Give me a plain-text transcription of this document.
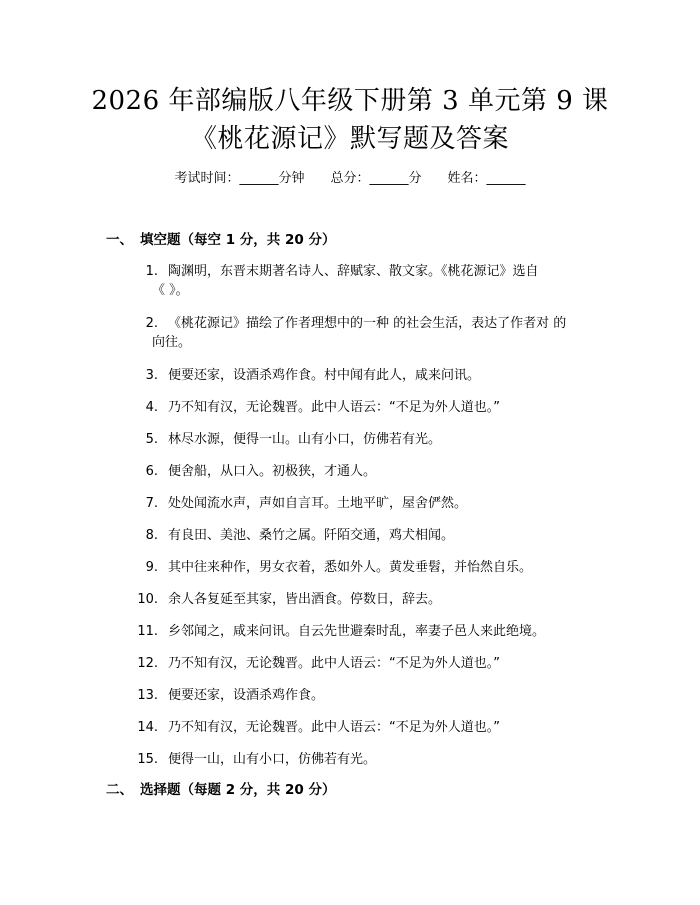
2026 年部编版八年级下册第 3 单元第 9 课
《桃花源记》默写题及答案
考试时间：______分钟 总分：______分 姓名：______
一、 填空题（每空 1 分，共 20 分）
1. 陶渊明，东晋末期著名诗人、辞赋家、散文家。《桃花源记》选自
《 》。
2. 《桃花源记》描绘了作者理想中的一种 的社会生活，表达了作者对 的
向往。
3. 便要还家，设酒杀鸡作食。村中闻有此人，咸来问讯。
4. 乃不知有汉，无论魏晋。此中人语云：“不足为外人道也。”
5. 林尽水源，便得一山。山有小口，仿佛若有光。
6. 便舍船，从口入。初极狭，才通人。
7. 处处闻流水声，声如自言耳。土地平旷，屋舍俨然。
8. 有良田、美池、桑竹之属。阡陌交通，鸡犬相闻。
9. 其中往来种作，男女衣着，悉如外人。黄发垂髫，并怡然自乐。
10. 余人各复延至其家，皆出酒食。停数日，辞去。
11. 乡邻闻之，咸来问讯。自云先世避秦时乱，率妻子邑人来此绝境。
12. 乃不知有汉，无论魏晋。此中人语云：“不足为外人道也。”
13. 便要还家，设酒杀鸡作食。
14. 乃不知有汉，无论魏晋。此中人语云：“不足为外人道也。”
15. 便得一山，山有小口，仿佛若有光。
二、 选择题（每题 2 分，共 20 分）
